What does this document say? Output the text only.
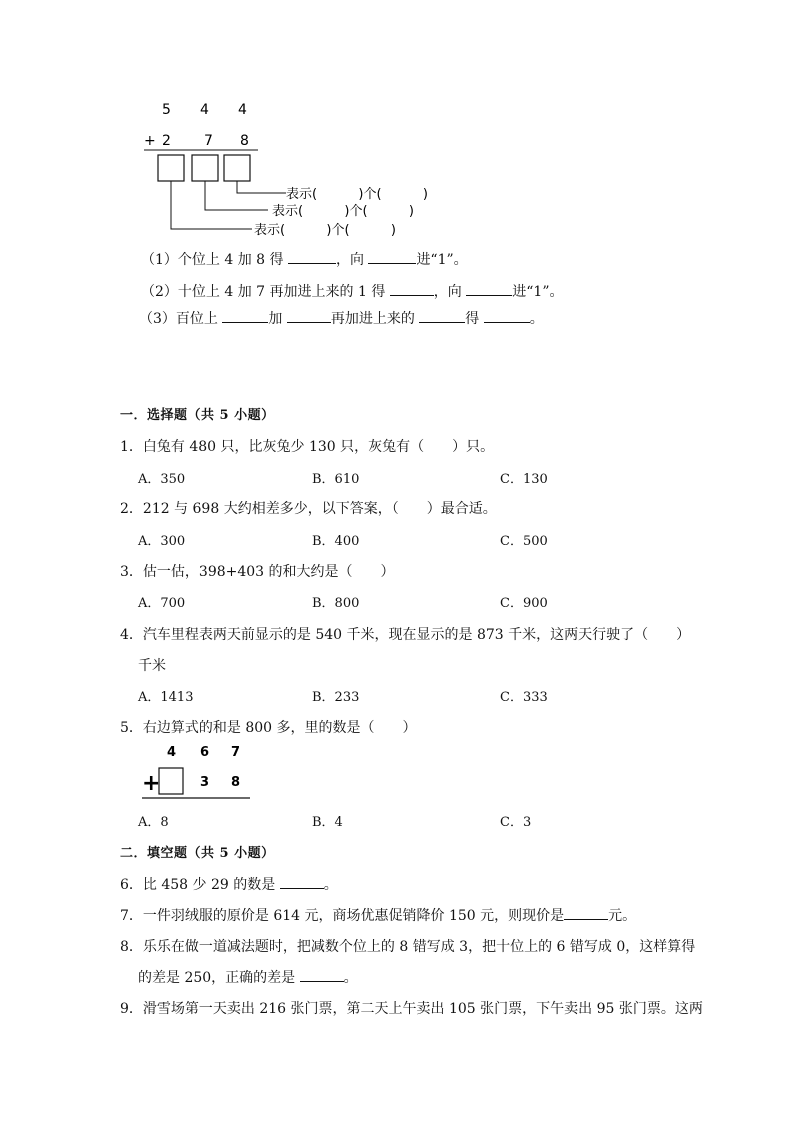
5 4 4
+ 2 7 8
表示(          )个(          )
表示(          )个(          )
表示(          )个(          )
（1）个位上 4 加 8 得	，向	进“1”。
（2）十位上 4 加 7 再加进上来的 1 得	，向	进“1”。
（3）百位上	加	再加进上来的	得	。
一．选择题（共 5 小题）
1．白兔有 480 只，比灰兔少 130 只，灰兔有（　　）只。
A．350	B．610	C．130
2．212 与 698 大约相差多少，以下答案，（　　）最合适。
A．300	B．400	C．500
3．估一估，398+403 的和大约是（　　）
A．700	B．800	C．900
4．汽车里程表两天前显示的是 540 千米，现在显示的是 873 千米，这两天行驶了（　　）
千米
A．1413	B．233	C．333
5．右边算式的和是 800 多，里的数是（　　）
4 6 7
+	3 8
A．8	B．4	C．3
二．填空题（共 5 小题）
6．比 458 少 29 的数是	。
7．一件羽绒服的原价是 614 元，商场优惠促销降价 150 元，则现价是	元。
8．乐乐在做一道减法题时，把减数个位上的 8 错写成 3，把十位上的 6 错写成 0，这样算得
的差是 250，正确的差是	。
9．滑雪场第一天卖出 216 张门票，第二天上午卖出 105 张门票，下午卖出 95 张门票。这两
